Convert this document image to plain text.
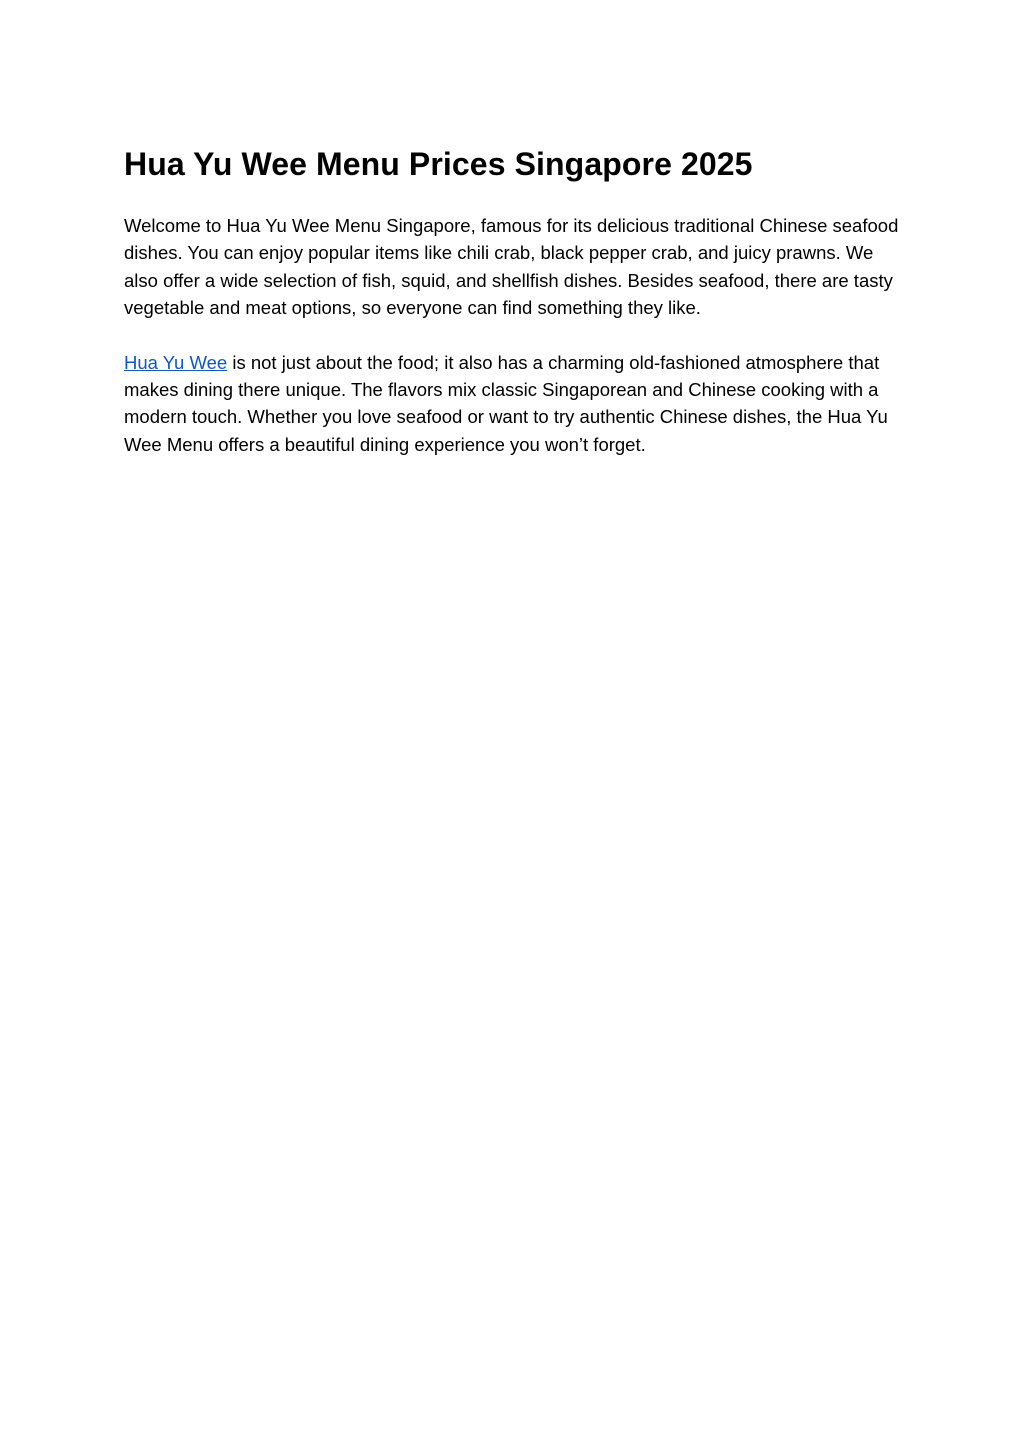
Hua Yu Wee Menu Prices Singapore 2025

Welcome to Hua Yu Wee Menu Singapore, famous for its delicious traditional Chinese seafood dishes. You can enjoy popular items like chili crab, black pepper crab, and juicy prawns. We also offer a wide selection of fish, squid, and shellfish dishes. Besides seafood, there are tasty vegetable and meat options, so everyone can find something they like.

Hua Yu Wee is not just about the food; it also has a charming old-fashioned atmosphere that makes dining there unique. The flavors mix classic Singaporean and Chinese cooking with a modern touch. Whether you love seafood or want to try authentic Chinese dishes, the Hua Yu Wee Menu offers a beautiful dining experience you won’t forget.
